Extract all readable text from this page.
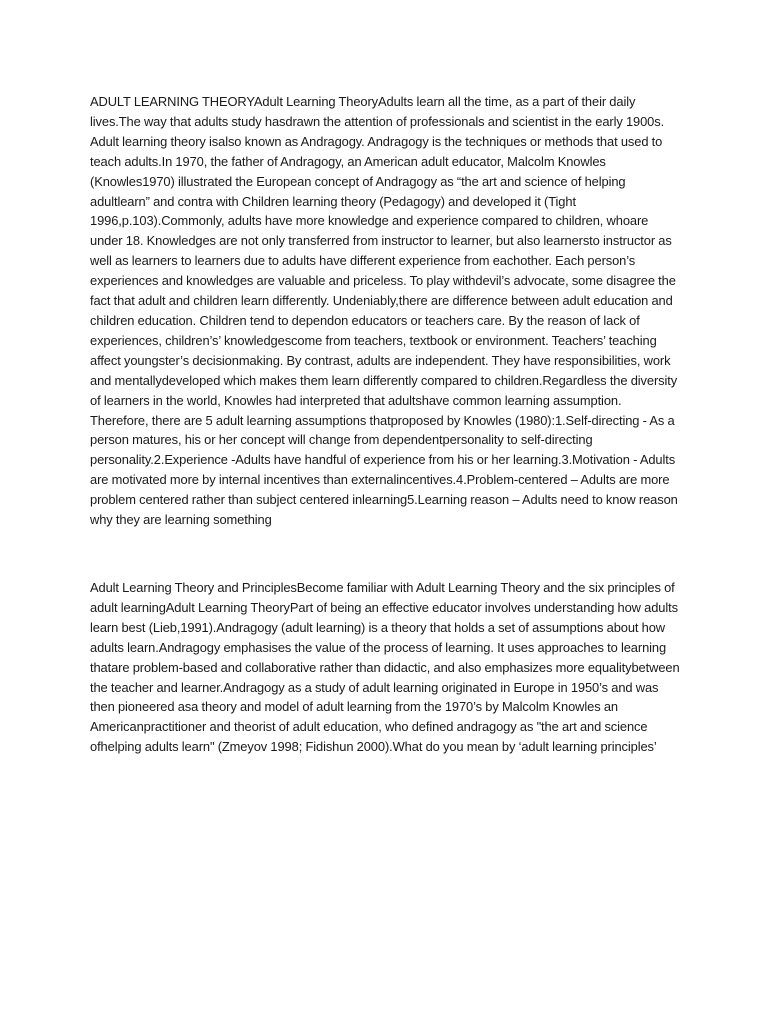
ADULT LEARNING THEORYAdult Learning TheoryAdults learn all the time, as a part of their daily lives.The way that adults study hasdrawn the attention of professionals and scientist in the early 1900s. Adult learning theory isalso known as Andragogy. Andragogy is the techniques or methods that used to teach adults.In 1970, the father of Andragogy, an American adult educator, Malcolm Knowles (Knowles1970) illustrated the European concept of Andragogy as “the art and science of helping adultlearn” and contra with Children learning theory (Pedagogy) and developed it (Tight 1996,p.103).Commonly, adults have more knowledge and experience compared to children, whoare under 18. Knowledges are not only transferred from instructor to learner, but also learnersto instructor as well as learners to learners due to adults have different experience from eachother. Each person’s experiences and knowledges are valuable and priceless. To play withdevil’s advocate, some disagree the fact that adult and children learn differently. Undeniably,there are difference between adult education and children education. Children tend to dependon educators or teachers care. By the reason of lack of experiences, children’s’ knowledgescome from teachers, textbook or environment. Teachers’ teaching affect youngster’s decisionmaking. By contrast, adults are independent. They have responsibilities, work and mentallydeveloped which makes them learn differently compared to children.Regardless the diversity of learners in the world, Knowles had interpreted that adultshave common learning assumption. Therefore, there are 5 adult learning assumptions thatproposed by Knowles (1980):1.Self-directing - As a person matures, his or her concept will change from dependentpersonality to self-directing personality.2.Experience -Adults have handful of experience from his or her learning.3.Motivation - Adults are motivated more by internal incentives than externalincentives.4.Problem-centered – Adults are more problem centered rather than subject centered inlearning5.Learning reason – Adults need to know reason why they are learning something

Adult Learning Theory and PrinciplesBecome familiar with Adult Learning Theory and the six principles of adult learningAdult Learning TheoryPart of being an effective educator involves understanding how adults learn best (Lieb,1991).Andragogy (adult learning) is a theory that holds a set of assumptions about how adults learn.Andragogy emphasises the value of the process of learning. It uses approaches to learning thatare problem-based and collaborative rather than didactic, and also emphasizes more equalitybetween the teacher and learner.Andragogy as a study of adult learning originated in Europe in 1950’s and was then pioneered asa theory and model of adult learning from the 1970’s by Malcolm Knowles an Americanpractitioner and theorist of adult education, who defined andragogy as "the art and science ofhelping adults learn" (Zmeyov 1998; Fidishun 2000).What do you mean by ‘adult learning principles’
